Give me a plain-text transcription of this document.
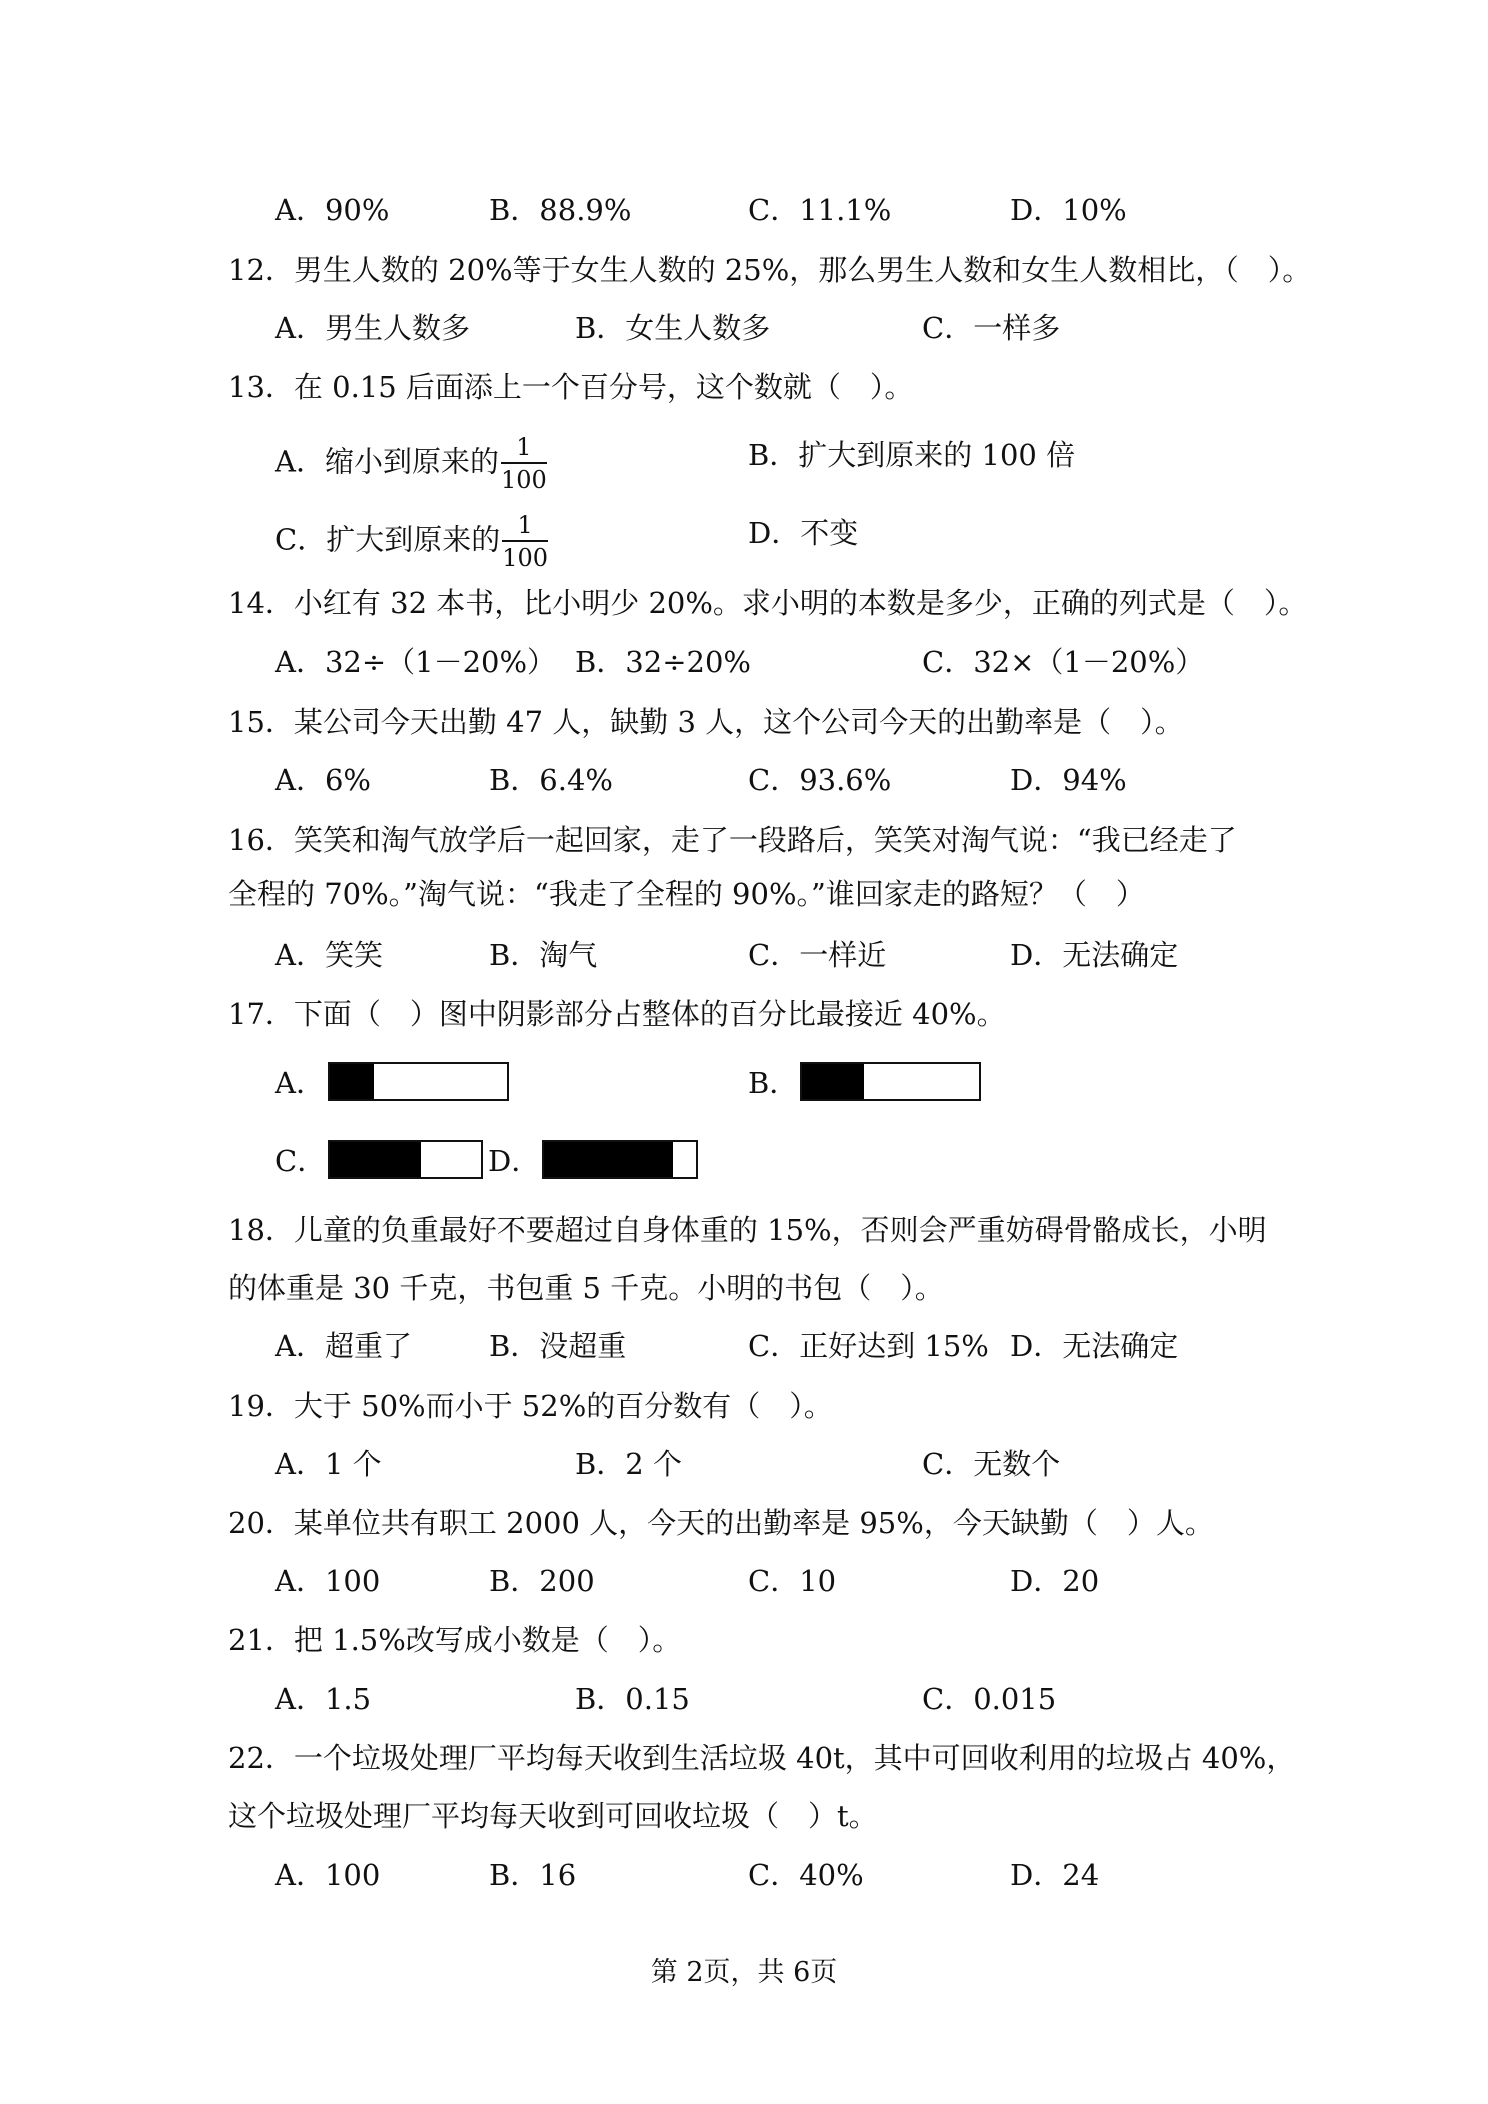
A．90%	B．88.9%	C．11.1%	D．10%
12．男生人数的 20%等于女生人数的 25%，那么男生人数和女生人数相比，（　）。
A．男生人数多	B．女生人数多	C．一样多
13．在 0.15 后面添上一个百分号，这个数就（　）。
A．缩小到原来的 $\frac{1}{100}$	B．扩大到原来的 100 倍
C．扩大到原来的 $\frac{1}{100}$	D．不变
14．小红有 32 本书，比小明少 20%。求小明的本数是多少，正确的列式是（　）。
A．32÷（1－20%） B．32÷20%	C．32×（1－20%）
15．某公司今天出勤 47 人，缺勤 3 人，这个公司今天的出勤率是（　）。
A．6%	B．6.4%	C．93.6%	D．94%
16．笑笑和淘气放学后一起回家，走了一段路后，笑笑对淘气说：“我已经走了
全程的 70%。”淘气说：“我走了全程的 90%。”谁回家走的路短？（　）
A．笑笑	B．淘气	C．一样近	D．无法确定
17．下面（　）图中阴影部分占整体的百分比最接近 40%。
A．	B．
C．	D．
18．儿童的负重最好不要超过自身体重的 15%，否则会严重妨碍骨骼成长，小明
的体重是 30 千克，书包重 5 千克。小明的书包（　）。
A．超重了	B．没超重	C．正好达到 15% D．无法确定
19．大于 50%而小于 52%的百分数有（　）。
A．1 个	B．2 个	C．无数个
20．某单位共有职工 2000 人，今天的出勤率是 95%，今天缺勤（　）人。
A．100	B．200	C．10	D．20
21．把 1.5%改写成小数是（　）。
A．1.5	B．0.15	C．0.015
22．一个垃圾处理厂平均每天收到生活垃圾 40t，其中可回收利用的垃圾占 40%，
这个垃圾处理厂平均每天收到可回收垃圾（　）t。
A．100	B．16	C．40%	D．24
第 2页，共 6页
